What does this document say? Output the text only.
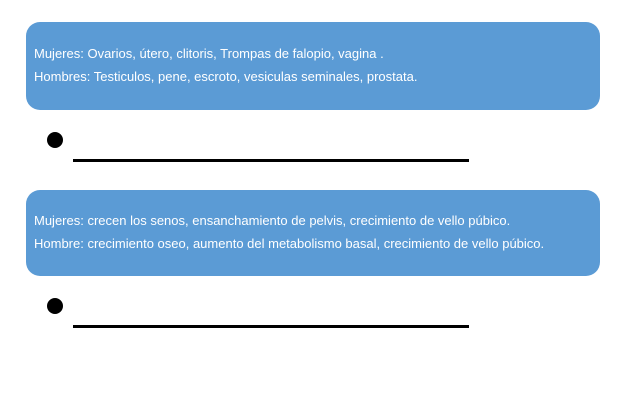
Mujeres: Ovarios, útero, clitoris, Trompas de falopio, vagina .
Hombres: Testiculos, pene, escroto, vesiculas seminales, prostata.
Mujeres: crecen los senos, ensanchamiento de pelvis, crecimiento de vello púbico.
Hombre: crecimiento oseo, aumento del metabolismo basal, crecimiento de vello púbico.
